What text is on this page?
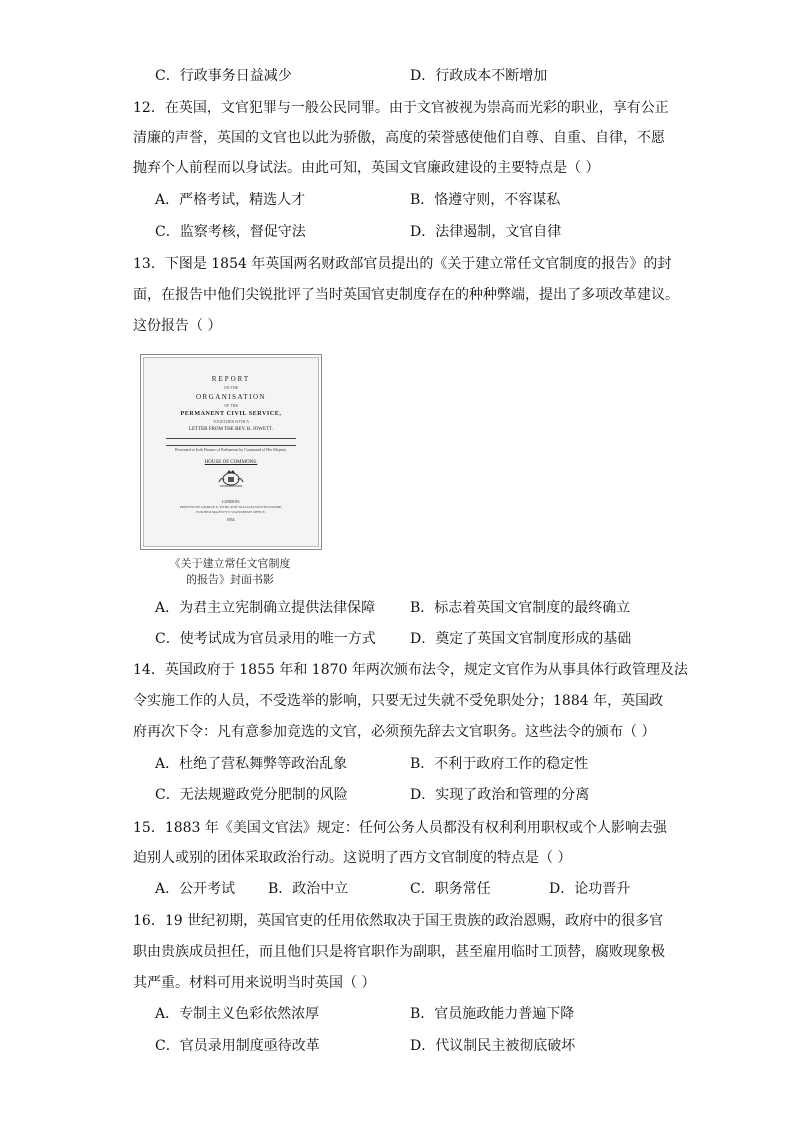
C．行政事务日益减少	D．行政成本不断增加
12．在英国，文官犯罪与一般公民同罪。由于文官被视为崇高而光彩的职业，享有公正
清廉的声誉，英国的文官也以此为骄傲，高度的荣誉感使他们自尊、自重、自律，不愿
抛弃个人前程而以身试法。由此可知，英国文官廉政建设的主要特点是（ ）
A．严格考试，精选人才	B．恪遵守则，不容谋私
C．监察考核，督促守法	D．法律遏制，文官自律
13．下图是 1854 年英国两名财政部官员提出的《关于建立常任文官制度的报告》的封
面，在报告中他们尖锐批评了当时英国官吏制度存在的种种弊端，提出了多项改革建议。
这份报告（ ）
REPORT
ON THE
ORGANISATION
OF THE
PERMANENT CIVIL SERVICE,
TOGETHER WITH A
LETTER FROM THE REV. B. JOWETT.
Presented to both Houses of Parliament by Command of Her Majesty.
HOUSE OF COMMONS.
LONDON:
PRINTED BY GEORGE E. EYRE AND WILLIAM SPOTTISWOODE,
FOR HER MAJESTY'S STATIONERY OFFICE.
1854.
《关于建立常任文官制度
的报告》封面书影
A．为君主立宪制确立提供法律保障 B．标志着英国文官制度的最终确立
C．使考试成为官员录用的唯一方式 D．奠定了英国文官制度形成的基础
14．英国政府于 1855 年和 1870 年两次颁布法令，规定文官作为从事具体行政管理及法
令实施工作的人员，不受选举的影响，只要无过失就不受免职处分；1884 年，英国政
府再次下令：凡有意参加竞选的文官，必须预先辞去文官职务。这些法令的颁布（ ）
A．杜绝了营私舞弊等政治乱象	B．不利于政府工作的稳定性
C．无法规避政党分肥制的风险	D．实现了政治和管理的分离
15．1883 年《美国文官法》规定：任何公务人员都没有权利利用职权或个人影响去强
迫别人或别的团体采取政治行动。这说明了西方文官制度的特点是（ ）
A．公开考试 B．政治中立	C．职务常任	D．论功晋升
16．19 世纪初期，英国官吏的任用依然取决于国王贵族的政治恩赐，政府中的很多官
职由贵族成员担任，而且他们只是将官职作为副职，甚至雇用临时工顶替，腐败现象极
其严重。材料可用来说明当时英国（ ）
A．专制主义色彩依然浓厚	B．官员施政能力普遍下降
C．官员录用制度亟待改革	D．代议制民主被彻底破坏
